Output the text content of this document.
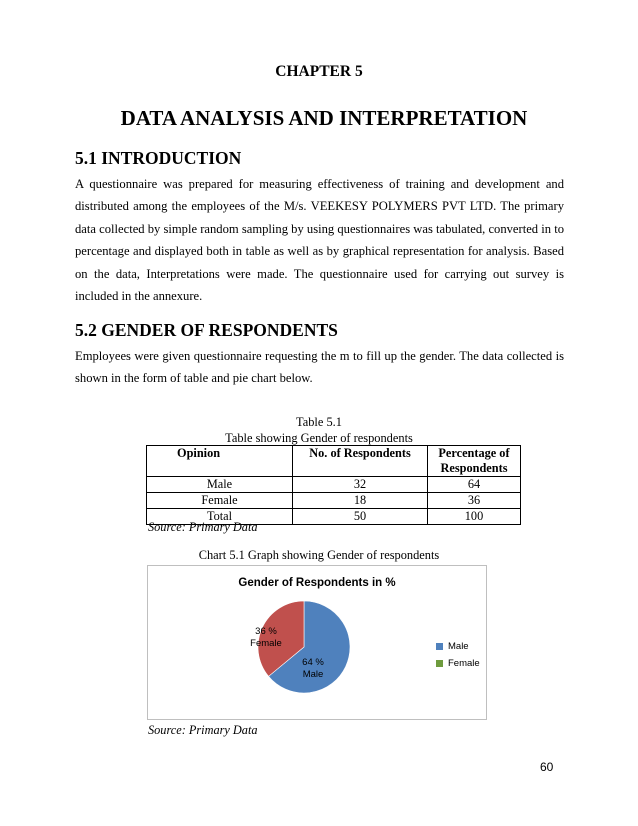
CHAPTER 5
DATA ANALYSIS AND INTERPRETATION
5.1 INTRODUCTION
A questionnaire was prepared for measuring effectiveness of training and development and
distributed among the employees of the M/s. VEEKESY POLYMERS PVT LTD. The primary
data collected by simple random sampling by using questionnaires was tabulated, converted in to
percentage and displayed both in table as well as by graphical representation for analysis. Based
on the data, Interpretations were made. The questionnaire used for carrying out survey is
included in the annexure.
5.2 GENDER OF RESPONDENTS
Employees were given questionnaire requesting the m to fill up the gender. The data collected is
shown in the form of table and pie chart below.
Table 5.1
Table showing Gender of respondents
Opinion	No. of Respondents	Percentage of Respondents
Male	32	64
Female	18	36
Total	50	100
Source: Primary Data
Chart 5.1 Graph showing Gender of respondents
Gender of Respondents in %
64 %
Male
36 %
Female	Male
Female
Source: Primary Data
60
